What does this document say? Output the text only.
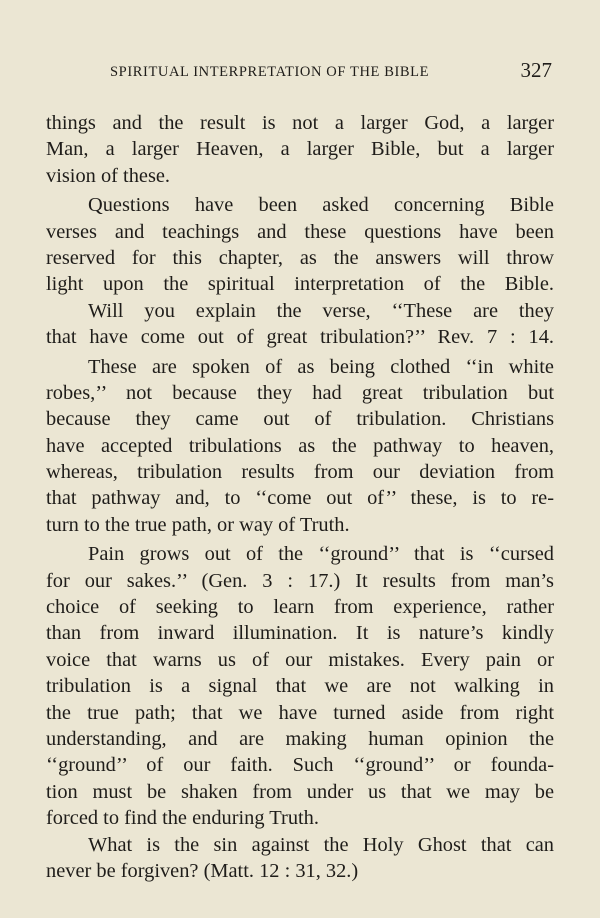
SPIRITUAL INTERPRETATION OF THE BIBLE	327
things and the result is not a larger God, a larger
Man, a larger Heaven, a larger Bible, but a larger
vision of these.
Questions have been asked concerning Bible
verses and teachings and these questions have been
reserved for this chapter, as the answers will throw
light upon the spiritual interpretation of the Bible.
Will you explain the verse, ‘‘These are they
that have come out of great tribulation?’’ Rev. 7 : 14.
These are spoken of as being clothed ‘‘in white
robes,’’ not because they had great tribulation but
because they came out of tribulation. Christians
have accepted tribulations as the pathway to heaven,
whereas, tribulation results from our deviation from
that pathway and, to ‘‘come out of’’ these, is to re-
turn to the true path, or way of Truth.
Pain grows out of the ‘‘ground’’ that is ‘‘cursed
for our sakes.’’ (Gen. 3 : 17.) It results from man’s
choice of seeking to learn from experience, rather
than from inward illumination. It is nature’s kindly
voice that warns us of our mistakes. Every pain or
tribulation is a signal that we are not walking in
the true path; that we have turned aside from right
understanding, and are making human opinion the
‘‘ground’’ of our faith. Such ‘‘ground’’ or founda-
tion must be shaken from under us that we may be
forced to find the enduring Truth.
What is the sin against the Holy Ghost that can
never be forgiven? (Matt. 12 : 31, 32.)
